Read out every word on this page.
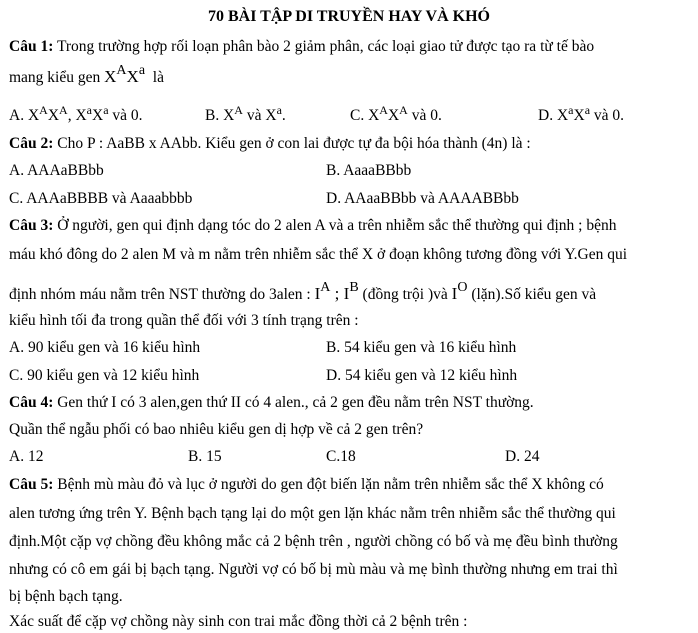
70 BÀI TẬP DI TRUYỀN HAY VÀ KHÓ
Câu 1: Trong trường hợp rối loạn phân bào 2 giảm phân, các loại giao tử được tạo ra từ tế bào
mang kiểu gen $X^AX^a$ là
A. $X^AX^A$, $X^aX^a$ và 0.	B. $X^A$ và $X^a$.	C. $X^AX^A$ và 0.	D. $X^aX^a$ và 0.
Câu 2: Cho P : AaBB x AAbb. Kiểu gen ở con lai được tự đa bội hóa thành (4n) là :
A. AAAaBBbb	B. AaaaBBbb
C. AAAaBBBB và Aaaabbbb	D. AAaaBBbb và AAAABBbb
Câu 3: Ở người, gen qui định dạng tóc do 2 alen A và a trên nhiễm sắc thể thường qui định ; bệnh
máu khó đông do 2 alen M và m nằm trên nhiễm sắc thể X ở đoạn không tương đồng với Y.Gen qui
định nhóm máu nằm trên NST thường do 3alen : $I^A$ ; $I^B$ (đồng trội )và $I^O$ (lặn).Số kiểu gen và
kiểu hình tối đa trong quần thể đối với 3 tính trạng trên :
A. 90 kiểu gen và 16 kiểu hình	B. 54 kiểu gen và 16 kiểu hình
C. 90 kiểu gen và 12 kiểu hình	D. 54 kiểu gen và 12 kiểu hình
Câu 4: Gen thứ I có 3 alen,gen thứ II có 4 alen., cả 2 gen đều nằm trên NST thường.
Quần thể ngẫu phối có bao nhiêu kiểu gen dị hợp về cả 2 gen trên?
A. 12	B. 15	C.18	D. 24
Câu 5: Bệnh mù màu đỏ và lục ở người do gen đột biến lặn nằm trên nhiễm sắc thể X không có
alen tương ứng trên Y. Bệnh bạch tạng lại do một gen lặn khác nằm trên nhiễm sắc thể thường qui
định.Một cặp vợ chồng đều không mắc cả 2 bệnh trên , người chồng có bố và mẹ đều bình thường
nhưng có cô em gái bị bạch tạng. Người vợ có bố bị mù màu và mẹ bình thường nhưng em trai thì
bị bệnh bạch tạng.
Xác suất để cặp vợ chồng này sinh con trai mắc đồng thời cả 2 bệnh trên :
